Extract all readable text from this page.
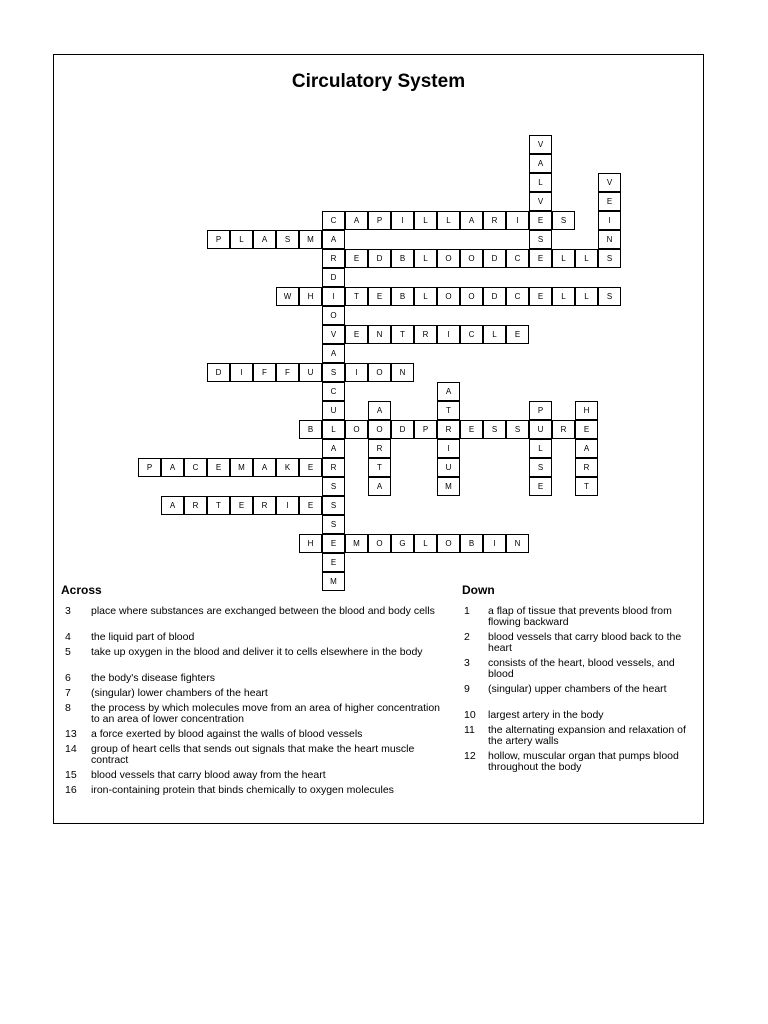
Circulatory System
C	A	P	I	L	L	A	R	I	E	S
P	L	A	S	M	A
R	E	D	B	L	O	O	D	C	E	L	L	S
W	H	I	T	E	B	L	O	O	D	C	E	L	L	S
V	E	N	T	R	I	C	L	E
D	I	F	F	U	S	I	O	N
B	L	O	O	D	P	R	E	S	S	U	R	E
P	A	C	E	M	A	K	E	R
A	R	T	E	R	I	E	S
H	E	M	O	G	L	O	B	I	N
V
A
L
V
S
V
E
I
N
D
O
A
C
U
A
S
S
E
M
A
T
I
U
M
A
R
T
A
P
L
S
E
H
A
R
T
Across	Down
3 place where substances are exchanged between the blood and body cells
4 the liquid part of blood
5 take up oxygen in the blood and deliver it to cells elsewhere in the body
6 the body's disease fighters
7 (singular) lower chambers of the heart
8 the process by which molecules move from an area of higher concentration to an area of lower concentration
13 a force exerted by blood against the walls of blood vessels
14 group of heart cells that sends out signals that make the heart muscle contract
15 blood vessels that carry blood away from the heart
16 iron-containing protein that binds chemically to oxygen molecules
1 a flap of tissue that prevents blood from flowing backward
2 blood vessels that carry blood back to the heart
3 consists of the heart, blood vessels, and blood
9 (singular) upper chambers of the heart
10 largest artery in the body
11 the alternating expansion and relaxation of the artery walls
12 hollow, muscular organ that pumps blood throughout the body
